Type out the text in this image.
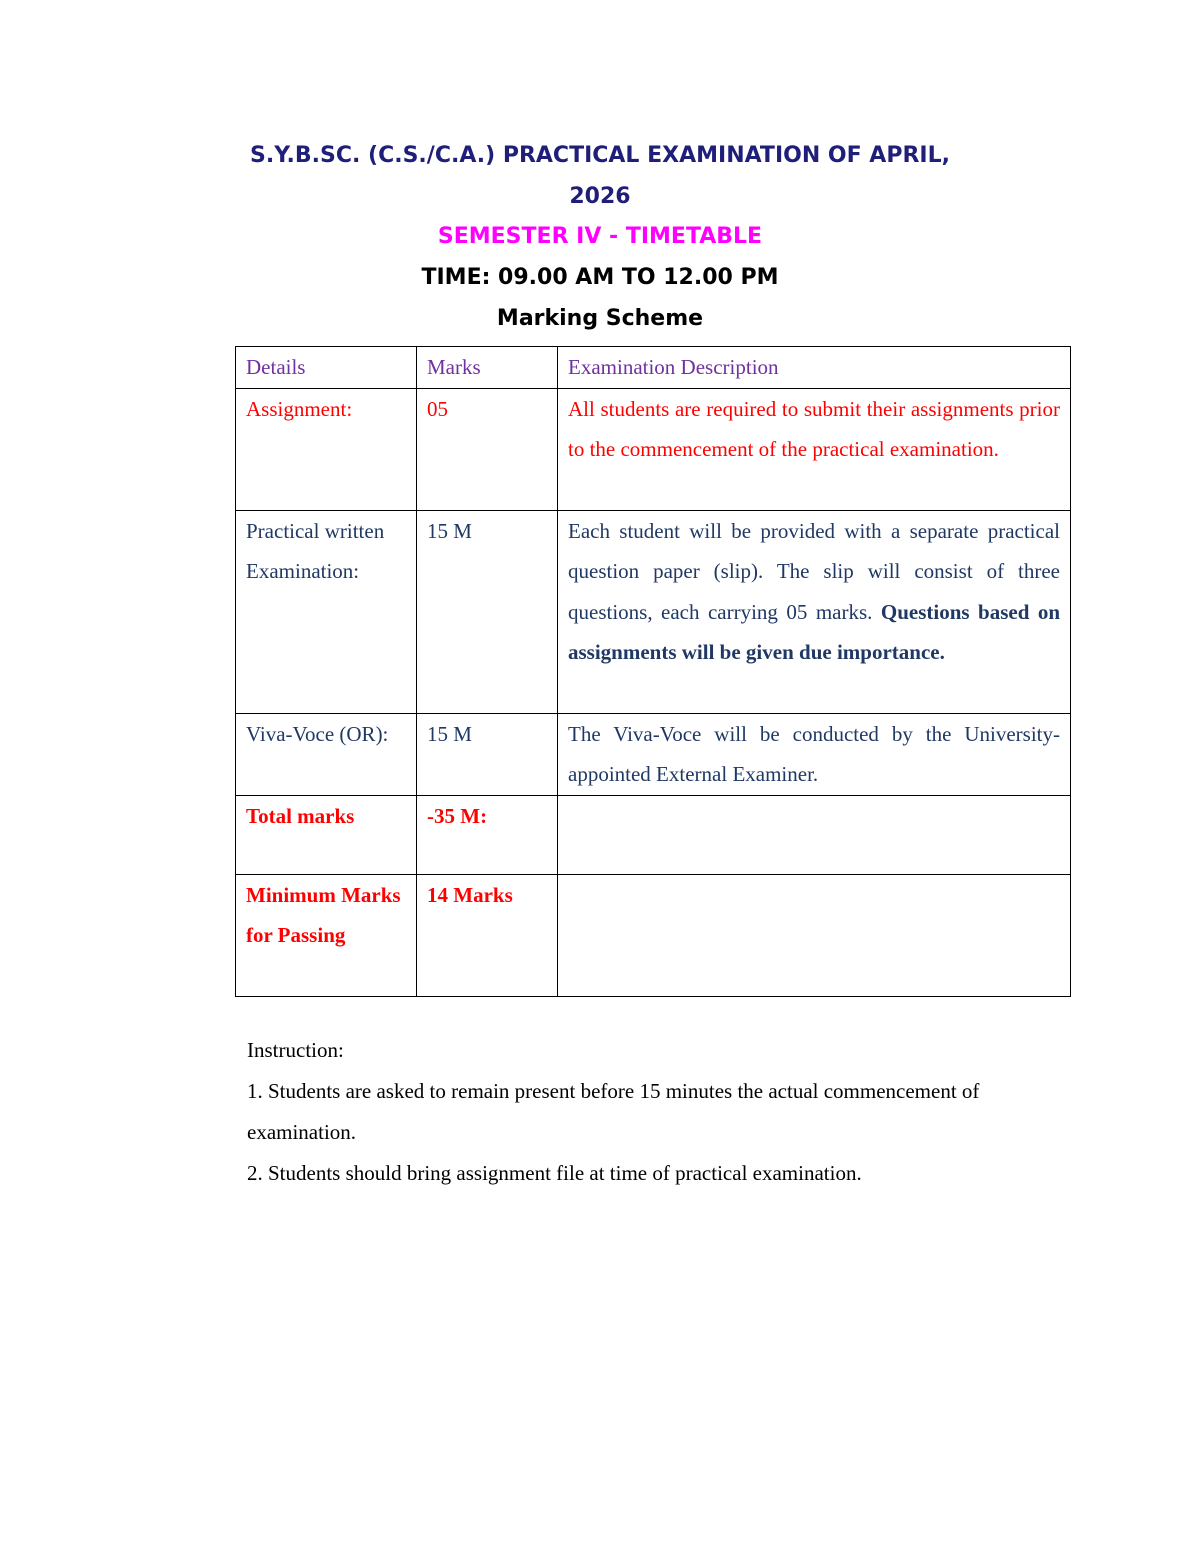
S.Y.B.SC. (C.S./C.A.) PRACTICAL EXAMINATION OF APRIL,
2026
SEMESTER IV - TIMETABLE
TIME: 09.00 AM TO 12.00 PM
Marking Scheme
Details	Marks	Examination Description
Assignment:	05	All students are required to submit their assignments prior to the commencement of the practical examination.
Practical written Examination:	15 M	Each student will be provided with a separate practical question paper (slip). The slip will consist of three questions, each carrying 05 marks. Questions based on assignments will be given due importance.
Viva-Voce (OR):	15 M	The Viva-Voce will be conducted by the University-appointed External Examiner.
Total marks	-35 M:	
Minimum Marks for Passing	14 Marks	

Instruction:

1. Students are asked to remain present before 15 minutes the actual commencement of examination.

2. Students should bring assignment file at time of practical examination.
